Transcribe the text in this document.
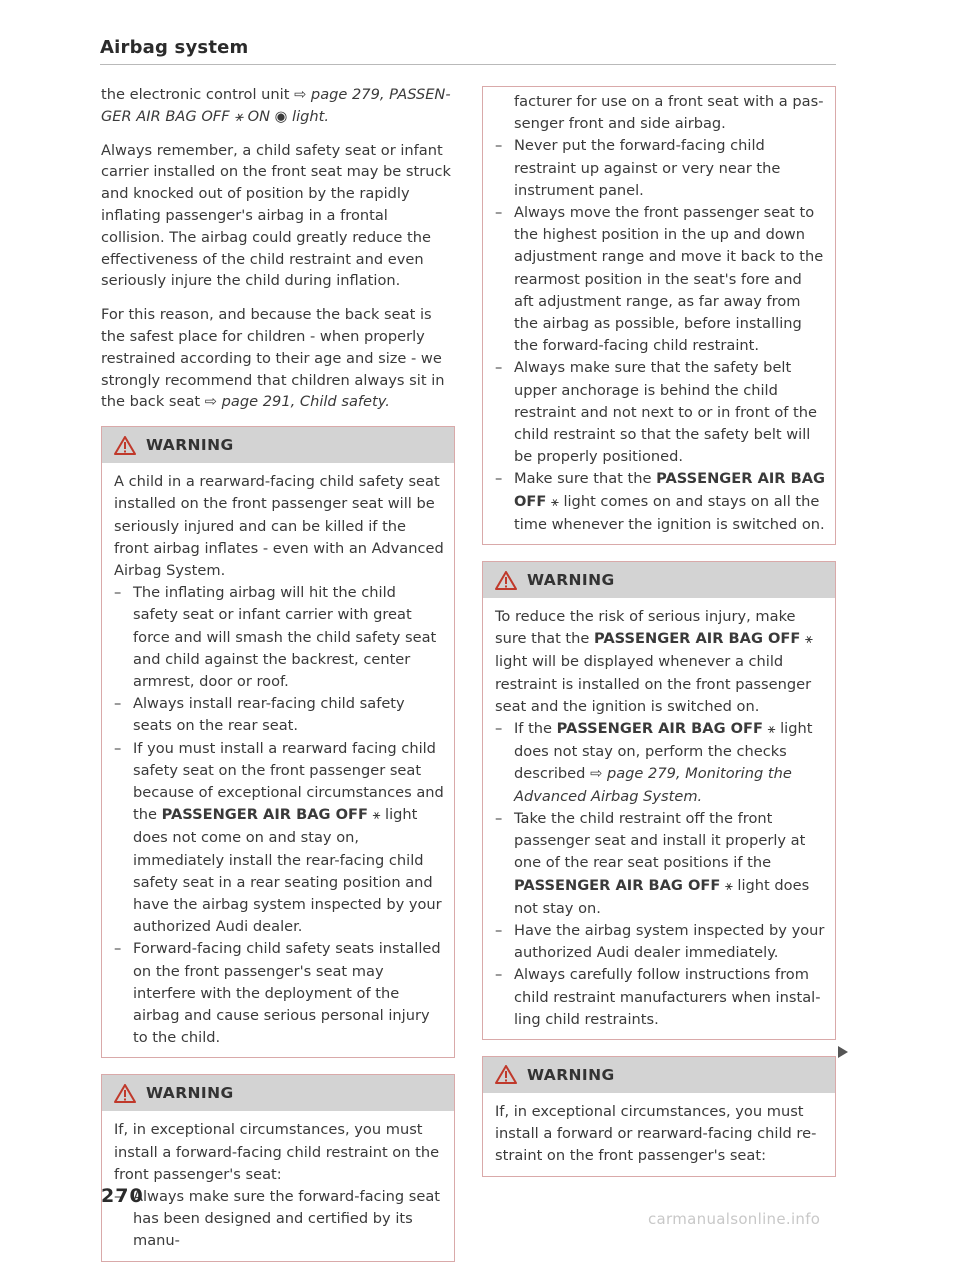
Airbag system

the electronic control unit ⇨ page 279, PASSENGER AIR BAG OFF ⚹ ON ◉ light.

Always remember, a child safety seat or infant carrier installed on the front seat may be struck and knocked out of position by the rapidly inflating passenger's airbag in a frontal collision. The airbag could greatly reduce the effectiveness of the child restraint and even seriously injure the child during inflation.

For this reason, and because the back seat is the safest place for children - when properly restrained according to their age and size - we strongly recommend that children always sit in the back seat ⇨ page 291, Child safety.

WARNING

A child in a rearward-facing child safety seat installed on the front passenger seat will be seriously injured and can be killed if the front airbag inflates - even with an Advanced Airbag System.

– The inflating airbag will hit the child safety seat or infant carrier with great force and will smash the child safety seat and child against the backrest, center armrest, door or roof.
– Always install rear-facing child safety seats on the rear seat.
– If you must install a rearward facing child safety seat on the front passenger seat because of exceptional circumstances and the PASSENGER AIR BAG OFF ⚹ light does not come on and stay on, immediately install the rear-facing child safety seat in a rear seating position and have the airbag system inspected by your authorized Audi dealer.
– Forward-facing child safety seats installed on the front passenger's seat may interfere with the deployment of the airbag and cause serious personal injury to the child.
WARNING

If, in exceptional circumstances, you must install a forward-facing child restraint on the front passenger's seat:

– Always make sure the forward-facing seat has been designed and certified by its manu-

facturer for use on a front seat with a passenger front and side airbag.

– Never put the forward-facing child restraint up against or very near the instrument panel.
– Always move the front passenger seat to the highest position in the up and down adjustment range and move it back to the rearmost position in the seat's fore and aft adjustment range, as far away from the airbag as possible, before installing the forward-facing child restraint.
– Always make sure that the safety belt upper anchorage is behind the child restraint and not next to or in front of the child restraint so that the safety belt will be properly positioned.
– Make sure that the PASSENGER AIR BAG OFF ⚹ light comes on and stays on all the time whenever the ignition is switched on.
WARNING

To reduce the risk of serious injury, make sure that the PASSENGER AIR BAG OFF ⚹ light will be displayed whenever a child restraint is installed on the front passenger seat and the ignition is switched on.

– If the PASSENGER AIR BAG OFF ⚹ light does not stay on, perform the checks described ⇨ page 279, Monitoring the Advanced Airbag System.
– Take the child restraint off the front passenger seat and install it properly at one of the rear seat positions if the PASSENGER AIR BAG OFF ⚹ light does not stay on.
– Have the airbag system inspected by your authorized Audi dealer immediately.
– Always carefully follow instructions from child restraint manufacturers when installing child restraints.
WARNING

If, in exceptional circumstances, you must install a forward or rearward-facing child restraint on the front passenger's seat:

270
carmanualsonline.info
